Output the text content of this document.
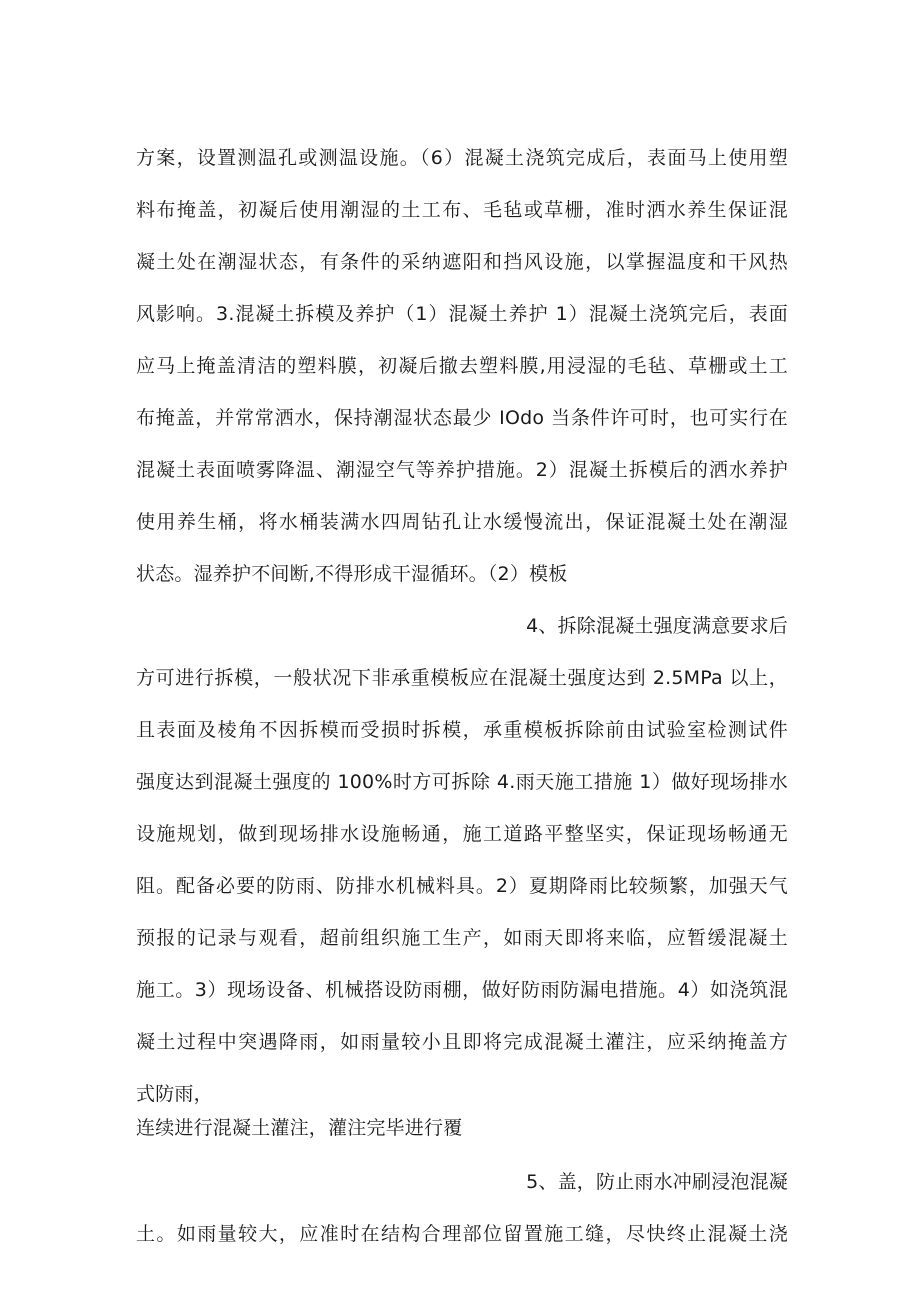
方案，设置测温孔或测温设施。（6）混凝土浇筑完成后，表面马上使用塑
料布掩盖，初凝后使用潮湿的土工布、毛毡或草栅，准时洒水养生保证混
凝土处在潮湿状态，有条件的采纳遮阳和挡风设施，以掌握温度和干风热
风影响。3.混凝土拆模及养护（1）混凝土养护 1）混凝土浇筑完后，表面
应马上掩盖清洁的塑料膜，初凝后撤去塑料膜,用浸湿的毛毡、草栅或土工
布掩盖，并常常洒水，保持潮湿状态最少 IOdo 当条件许可时，也可实行在
混凝土表面喷雾降温、潮湿空气等养护措施。2）混凝土拆模后的洒水养护
使用养生桶，将水桶装满水四周钻孔让水缓慢流出，保证混凝土处在潮湿
状态。湿养护不间断,不得形成干湿循环。（2）模板
4、拆除混凝土强度满意要求后
方可进行拆模，一般状况下非承重模板应在混凝土强度达到 2.5MPa 以上，
且表面及棱角不因拆模而受损时拆模，承重模板拆除前由试验室检测试件
强度达到混凝土强度的 100%时方可拆除 4.雨天施工措施 1）做好现场排水
设施规划，做到现场排水设施畅通，施工道路平整坚实，保证现场畅通无
阻。配备必要的防雨、防排水机械料具。2）夏期降雨比较频繁，加强天气
预报的记录与观看，超前组织施工生产，如雨天即将来临，应暂缓混凝土
施工。3）现场设备、机械搭设防雨棚，做好防雨防漏电措施。4）如浇筑混
凝土过程中突遇降雨，如雨量较小且即将完成混凝土灌注，应采纳掩盖方
式防雨，
连续进行混凝土灌注，灌注完毕进行覆
5、盖，防止雨水冲刷浸泡混凝
土。如雨量较大，应准时在结构合理部位留置施工缝，尽快终止混凝土浇
